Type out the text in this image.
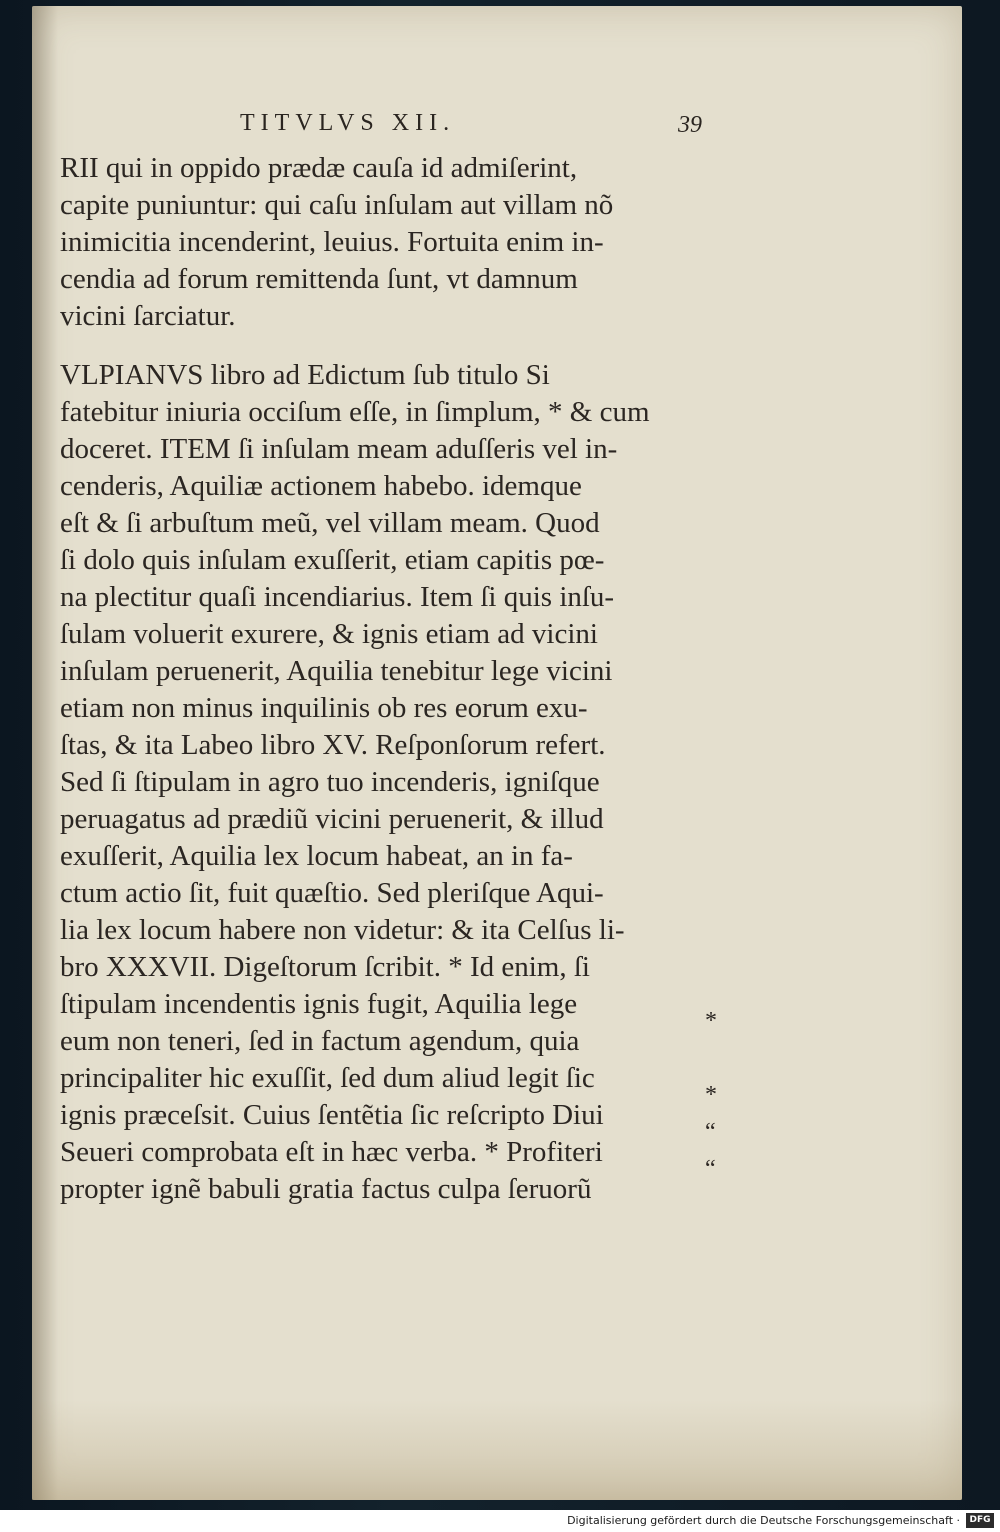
TITVLVS XII.	39
RII qui in oppido prædæ cauſa id admiſerint,
capite puniuntur: qui caſu inſulam aut villam nõ
inimicitia incenderint, leuius. Fortuita enim in-
cendia ad forum remittenda ſunt, vt damnum
vicini ſarciatur.
VLPIANVS libro ad Edictum ſub titulo Si
fatebitur iniuria occiſum eſſe, in ſimplum, * & cum
doceret. ITEM ſi inſulam meam aduſſeris vel in-
cenderis, Aquiliæ actionem habebo. idemque
eſt & ſi arbuſtum meũ, vel villam meam. Quod
ſi dolo quis inſulam exuſſerit, etiam capitis pœ-
na plectitur quaſi incendiarius. Item ſi quis inſu-
ſulam voluerit exurere, & ignis etiam ad vicini
inſulam peruenerit, Aquilia tenebitur lege vicini
etiam non minus inquilinis ob res eorum exu-
ſtas, & ita Labeo libro XV. Reſponſorum refert.
Sed ſi ſtipulam in agro tuo incenderis, igniſque
peruagatus ad prædiũ vicini peruenerit, & illud
exuſſerit, Aquilia lex locum habeat, an in fa-
ctum actio ſit, fuit quæſtio. Sed pleriſque Aqui-
lia lex locum habere non videtur: & ita Celſus li-
bro XXXVII. Digeſtorum ſcribit. * Id enim, ſi
ſtipulam incendentis ignis fugit, Aquilia lege
eum non teneri, ſed in factum agendum, quia
principaliter hic exuſſit, ſed dum aliud legit ſic
ignis præceſsit. Cuius ſentẽtia ſic reſcripto Diui
Seueri comprobata eſt in hæc verba. * Profiteri
propter ignẽ babuli gratia factus culpa ſeruorũ
*
*
“
“
Digitalisierung gefördert durch die Deutsche Forschungsgemeinschaft ·	DFG
